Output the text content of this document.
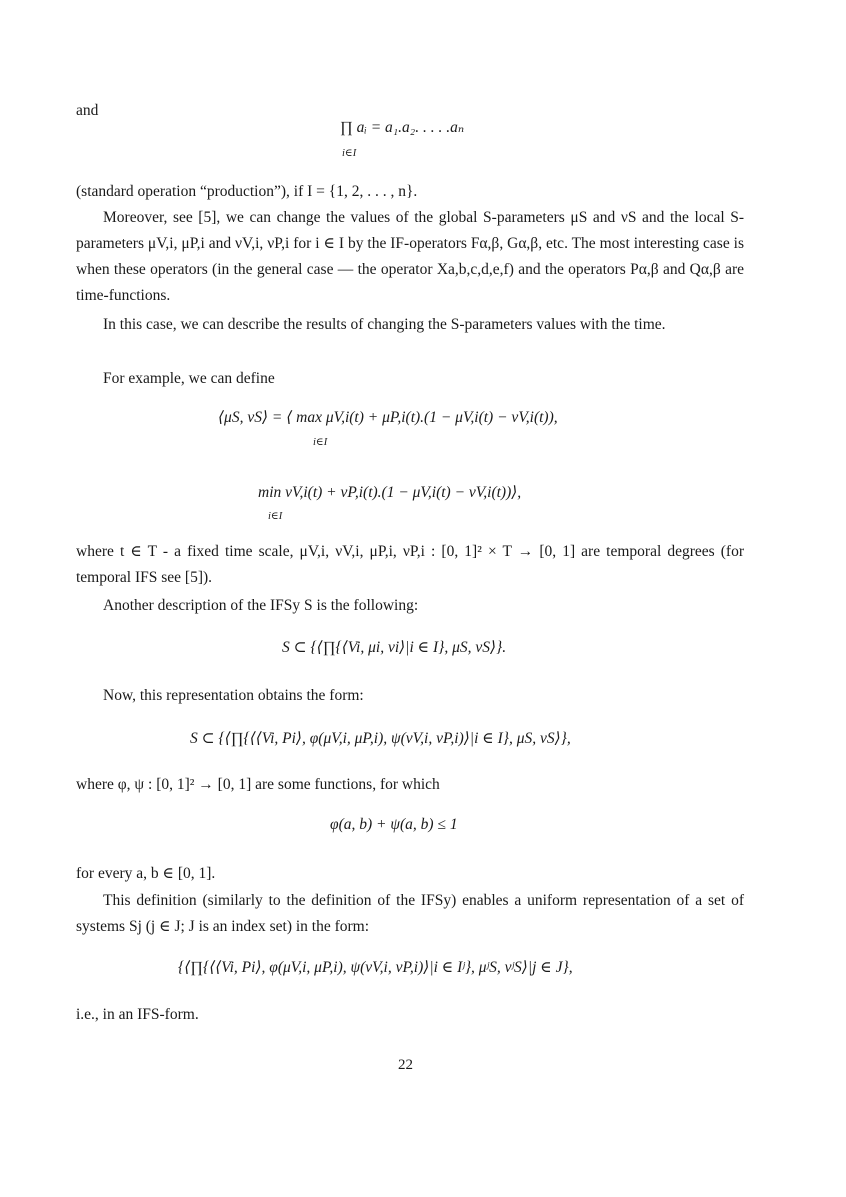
and
∏ aᵢ = a₁.a₂. . . . .aₙ
i∈I
(standard operation “production”), if I = {1, 2, . . . , n}.
Moreover, see [5], we can change the values of the global S-parameters μS and νS and the local S-parameters μV,i, μP,i and νV,i, νP,i for i ∈ I by the IF-operators Fα,β, Gα,β, etc. The most interesting case is when these operators (in the general case — the operator Xa,b,c,d,e,f) and the operators Pα,β and Qα,β are time-functions.
In this case, we can describe the results of changing the S-parameters values with the time.
For example, we can define
⟨μS, νS⟩ = ⟨ max μV,i(t) + μP,i(t).(1 − μV,i(t) − νV,i(t)),
i∈I
min νV,i(t) + νP,i(t).(1 − μV,i(t) − νV,i(t))⟩,
i∈I
where t ∈ T - a fixed time scale, μV,i, νV,i, μP,i, νP,i : [0, 1]² × T → [0, 1] are temporal degrees (for temporal IFS see [5]).
Another description of the IFSy S is the following:
S ⊂ {⟨∏{⟨Vi, μi, νi⟩|i ∈ I}, μS, νS⟩}.
Now, this representation obtains the form:
S ⊂ {⟨∏{⟨⟨Vi, Pi⟩, φ(μV,i, μP,i), ψ(νV,i, νP,i)⟩|i ∈ I}, μS, νS⟩},
where φ, ψ : [0, 1]² → [0, 1] are some functions, for which
φ(a, b) + ψ(a, b) ≤ 1
for every a, b ∈ [0, 1].
This definition (similarly to the definition of the IFSy) enables a uniform representation of a set of systems Sj (j ∈ J; J is an index set) in the form:
{⟨∏{⟨⟨Vi, Pi⟩, φ(μV,i, μP,i), ψ(νV,i, νP,i)⟩|i ∈ Iʲ}, μʲS, νʲS⟩|j ∈ J},
i.e., in an IFS-form.
22
